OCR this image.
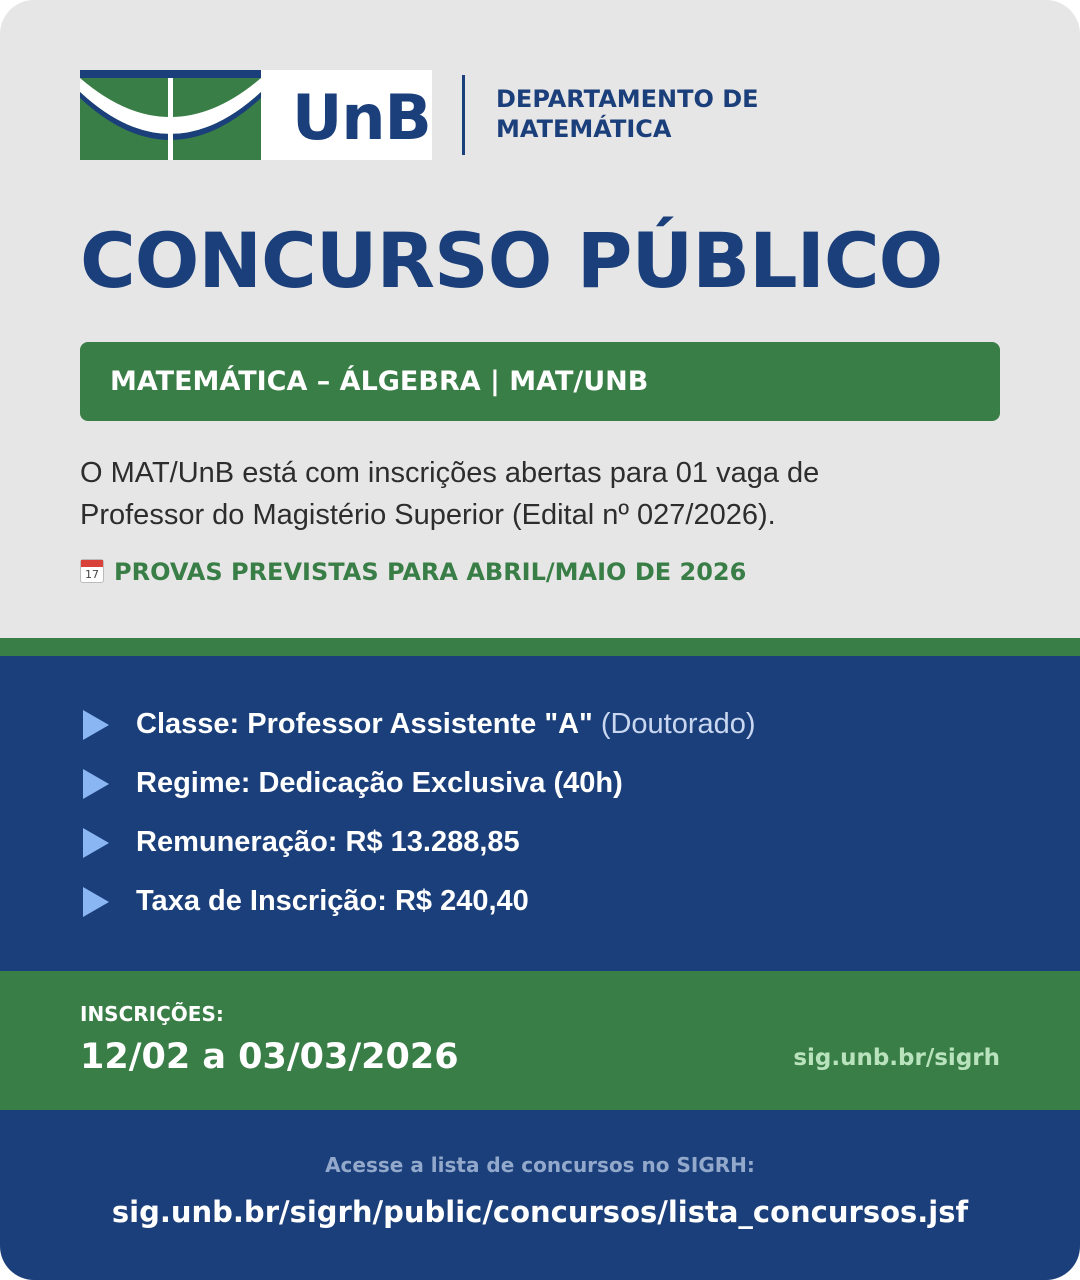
UnB	DEPARTAMENTO DE
MATEMÁTICA
CONCURSO PÚBLICO
MATEMÁTICA – ÁLGEBRA | MAT/UNB
O MAT/UnB está com inscrições abertas para 01 vaga de
Professor do Magistério Superior (Edital nº 027/2026).
17 PROVAS PREVISTAS PARA ABRIL/MAIO DE 2026
Classe: Professor Assistente "A" (Doutorado)
Regime: Dedicação Exclusiva (40h)
Remuneração: R$ 13.288,85
Taxa de Inscrição: R$ 240,40
INSCRIÇÕES:
12/02 a 03/03/2026	sig.unb.br/sigrh
Acesse a lista de concursos no SIGRH:
sig.unb.br/sigrh/public/concursos/lista_concursos.jsf
